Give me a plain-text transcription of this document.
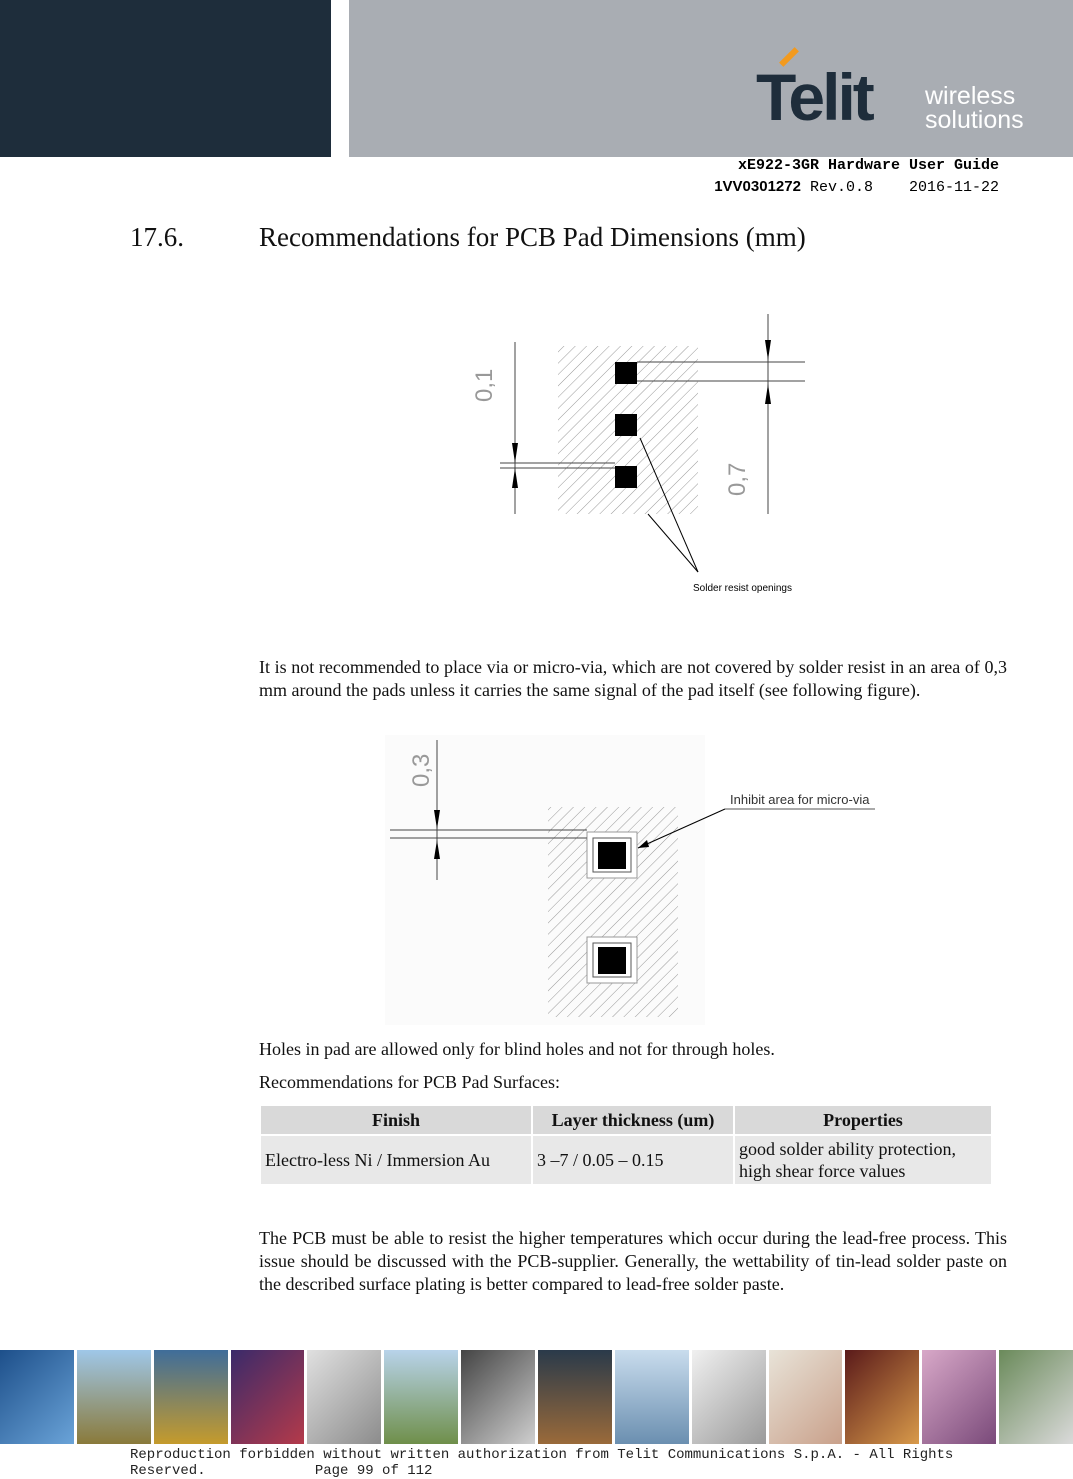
Telit wireless
solutions
xE922-3GR Hardware User Guide
1VV0301272 Rev.0.8    2016-11-22
17.6.	Recommendations for PCB Pad Dimensions (mm)
0,1
0,7
Solder resist openings
It is not recommended to place via or micro-via, which are not covered by solder resist in an area of 0,3 mm around the pads unless it carries the same signal of the pad itself (see following figure).
0,3
Inhibit area for micro-via
Holes in pad are allowed only for blind holes and not for through holes.
Recommendations for PCB Pad Surfaces:
Finish	Layer thickness (um)	Properties
Electro-less Ni / Immersion Au	3 –7 / 0.05 – 0.15	good solder ability protection, high shear force values
The PCB must be able to resist the higher temperatures which occur during the lead-free process. This issue should be discussed with the PCB-supplier. Generally, the wettability of tin-lead solder paste on the described surface plating is better compared to lead-free solder paste.
Reproduction forbidden without written authorization from Telit Communications S.p.A. - All Rights
Reserved.             Page 99 of 112
